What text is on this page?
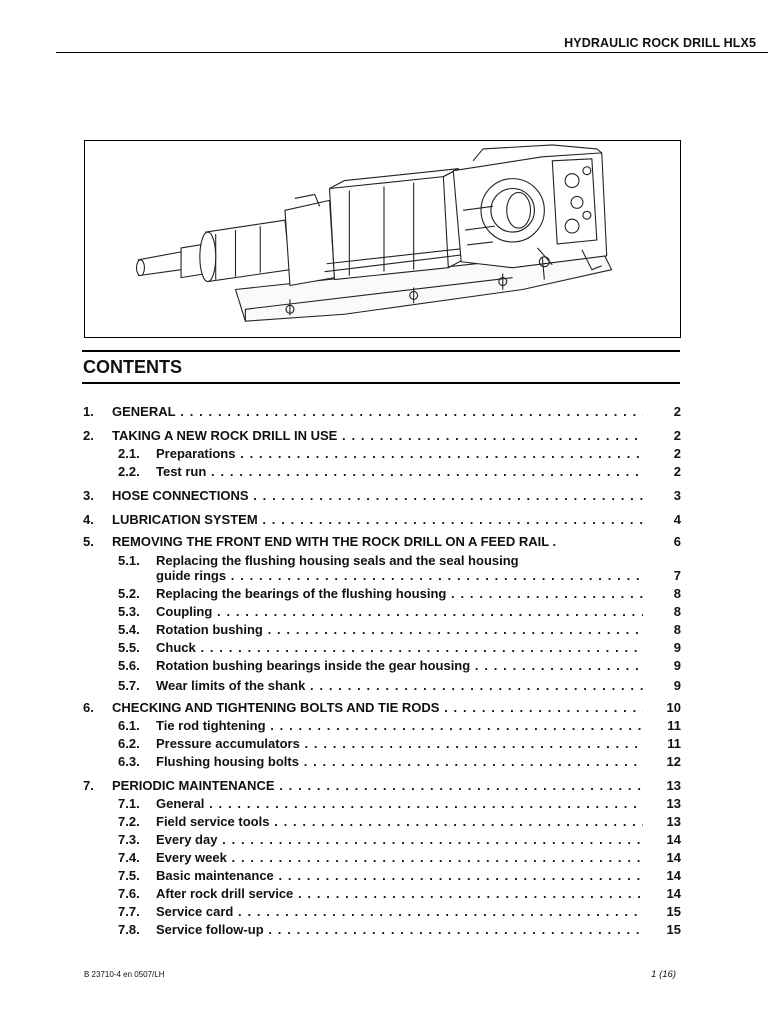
HYDRAULIC ROCK DRILL HLX5
CONTENTS
1. GENERAL . . .	2
2. TAKING A NEW ROCK DRILL IN USE . . .	2
2.1. Preparations . . .	2
2.2. Test run . . .	2
3. HOSE CONNECTIONS . . .	3
4. LUBRICATION SYSTEM . . .	4
5. REMOVING THE FRONT END WITH THE ROCK DRILL ON A FEED RAIL .	6
5.1. Replacing the flushing housing seals and the seal housing
guide rings . . .	7
5.2. Replacing the bearings of the flushing housing . . .	8
5.3. Coupling . . .	8
5.4. Rotation bushing . . .	8
5.5. Chuck . . .	9
5.6. Rotation bushing bearings inside the gear housing . . .	9
5.7. Wear limits of the shank . . .	9
6. CHECKING AND TIGHTENING BOLTS AND TIE RODS . . .	10
6.1. Tie rod tightening . . .	11
6.2. Pressure accumulators . . .	11
6.3. Flushing housing bolts . . .	12
7. PERIODIC MAINTENANCE . . .	13
7.1. General . . .	13
7.2. Field service tools . . .	13
7.3. Every day . . .	14
7.4. Every week . . .	14
7.5. Basic maintenance . . .	14
7.6. After rock drill service . . .	14
7.7. Service card . . .	15
7.8. Service follow-up . . .	15
B 23710-4 en 0507/LH	1 (16)
